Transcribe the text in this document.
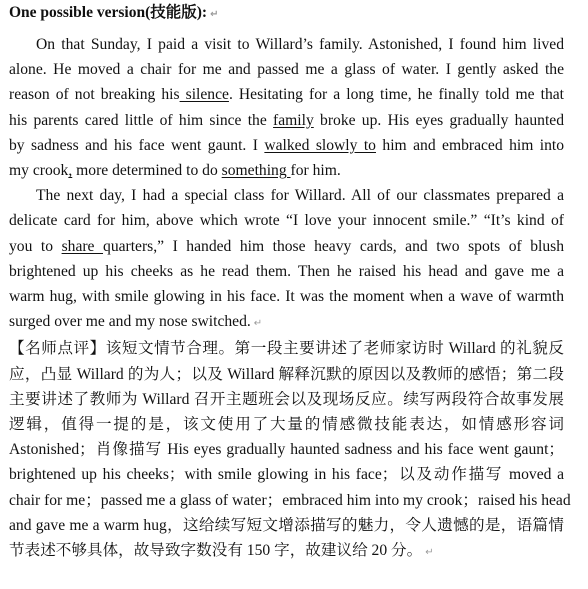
One possible version(技能版): ↵
On that Sunday, I paid a visit to Willard’s family. Astonished, I found him lived
alone. He moved a chair for me and passed me a glass of water. I gently asked the
reason of not breaking his silence. Hesitating for a long time, he finally told me that
his parents cared little of him since the family broke up. His eyes gradually haunted
by sadness and his face went gaunt. I walked slowly to him and embraced him into
my crook, more determined to do something for him.
The next day, I had a special class for Willard. All of our classmates prepared a
delicate card for him, above which wrote “I love your innocent smile.” “It’s kind of
you to share quarters,” I handed him those heavy cards, and two spots of blush
brightened up his cheeks as he read them. Then he raised his head and gave me a
warm hug, with smile glowing in his face. It was the moment when a wave of warmth
surged over me and my nose switched. ↵
【名师点评】该短文情节合理。第一段主要讲述了老师家访时 Willard 的礼貌反
应，凸显 Willard 的为人；以及 Willard 解释沉默的原因以及教师的感悟；第二段
主要讲述了教师为 Willard 召开主题班会以及现场反应。续写两段符合故事发展
逻辑，值得一提的是，该文使用了大量的情感微技能表达，如情感形容词
Astonished；肖像描写 His eyes gradually haunted sadness and his face went gaunt；
brightened up his cheeks；with smile glowing in his face；以及动作描写 moved a
chair for me；passed me a glass of water；embraced him into my crook；raised his head
and gave me a warm hug，这给续写短文增添描写的魅力，令人遗憾的是，语篇情
节表述不够具体，故导致字数没有 150 字，故建议给 20 分。 ↵
